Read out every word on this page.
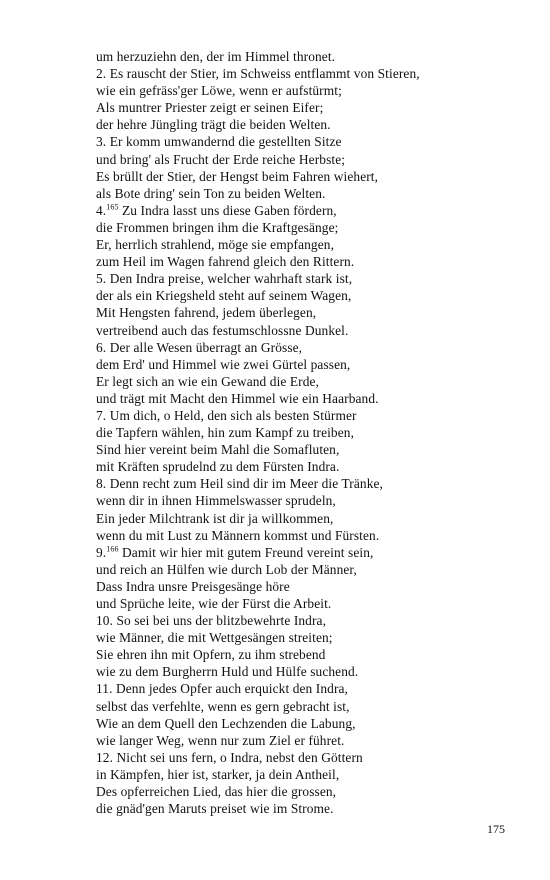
um herzuziehn den, der im Himmel thronet.
2. Es rauscht der Stier, im Schweiss entflammt von Stieren,
wie ein gefräss'ger Löwe, wenn er aufstürmt;
Als muntrer Priester zeigt er seinen Eifer;
der hehre Jüngling trägt die beiden Welten.
3. Er komm umwandernd die gestellten Sitze
und bring' als Frucht der Erde reiche Herbste;
Es brüllt der Stier, der Hengst beim Fahren wiehert,
als Bote dring' sein Ton zu beiden Welten.
4.$^{165}$ Zu Indra lasst uns diese Gaben fördern,
die Frommen bringen ihm die Kraftgesänge;
Er, herrlich strahlend, möge sie empfangen,
zum Heil im Wagen fahrend gleich den Rittern.
5. Den Indra preise, welcher wahrhaft stark ist,
der als ein Kriegsheld steht auf seinem Wagen,
Mit Hengsten fahrend, jedem überlegen,
vertreibend auch das festumschlossne Dunkel.
6. Der alle Wesen überragt an Grösse,
dem Erd' und Himmel wie zwei Gürtel passen,
Er legt sich an wie ein Gewand die Erde,
und trägt mit Macht den Himmel wie ein Haarband.
7. Um dich, o Held, den sich als besten Stürmer
die Tapfern wählen, hin zum Kampf zu treiben,
Sind hier vereint beim Mahl die Somafluten,
mit Kräften sprudelnd zu dem Fürsten Indra.
8. Denn recht zum Heil sind dir im Meer die Tränke,
wenn dir in ihnen Himmelswasser sprudeln,
Ein jeder Milchtrank ist dir ja willkommen,
wenn du mit Lust zu Männern kommst und Fürsten.
9.$^{166}$ Damit wir hier mit gutem Freund vereint sein,
und reich an Hülfen wie durch Lob der Männer,
Dass Indra unsre Preisgesänge höre
und Sprüche leite, wie der Fürst die Arbeit.
10. So sei bei uns der blitzbewehrte Indra,
wie Männer, die mit Wettgesängen streiten;
Sie ehren ihn mit Opfern, zu ihm strebend
wie zu dem Burgherrn Huld und Hülfe suchend.
11. Denn jedes Opfer auch erquickt den Indra,
selbst das verfehlte, wenn es gern gebracht ist,
Wie an dem Quell den Lechzenden die Labung,
wie langer Weg, wenn nur zum Ziel er führet.
12. Nicht sei uns fern, o Indra, nebst den Göttern
in Kämpfen, hier ist, starker, ja dein Antheil,
Des opferreichen Lied, das hier die grossen,
die gnäd'gen Maruts preiset wie im Strome.
175
